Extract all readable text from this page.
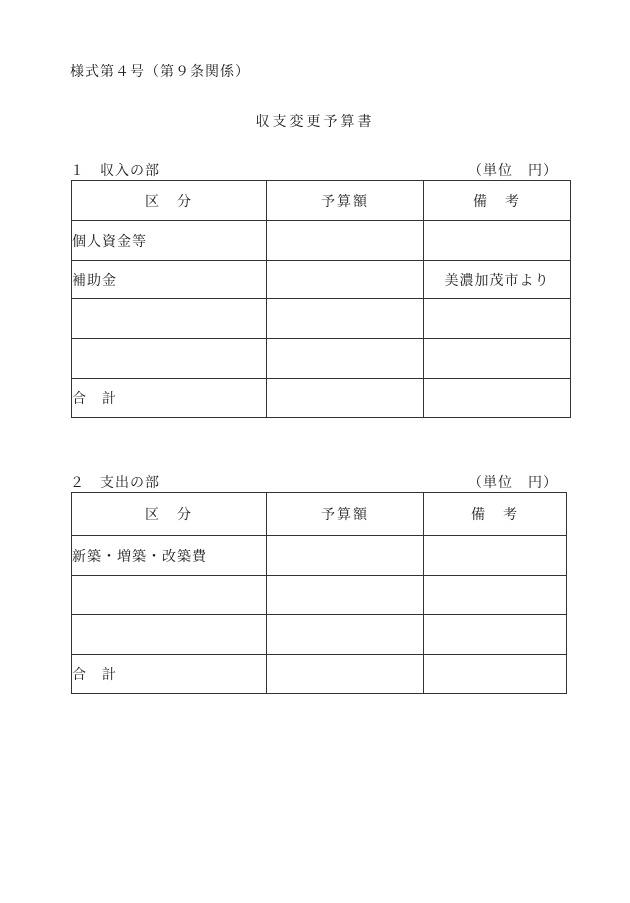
様式第４号（第９条関係）
収支変更予算書
１　収入の部	（単位　円）
区　分	予算額	備　考
個人資金等		
補助金		美濃加茂市より

合　計		
２　支出の部	（単位　円）
区　分	予算額	備　考
新築・増築・改築費		

合　計		
